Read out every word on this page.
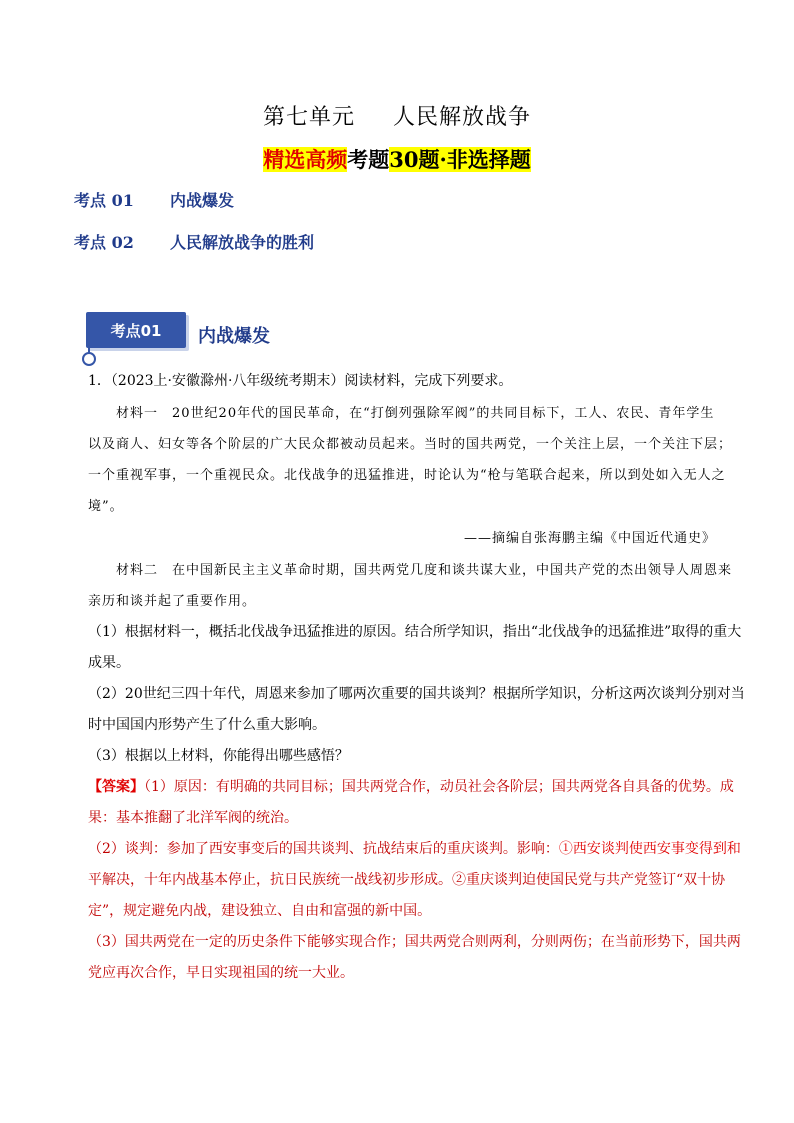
第七单元 人民解放战争
精选高频考题30题·非选择题
考点 01 内战爆发
考点 02 人民解放战争的胜利
考点01	内战爆发
1．（2023上·安徽滁州·八年级统考期末）阅读材料，完成下列要求。
材料一　20世纪20年代的国民革命，在“打倒列强除军阀”的共同目标下，工人、农民、青年学生
以及商人、妇女等各个阶层的广大民众都被动员起来。当时的国共两党，一个关注上层，一个关注下层；
一个重视军事，一个重视民众。北伐战争的迅猛推进，时论认为“枪与笔联合起来，所以到处如入无人之
境”。
——摘编自张海鹏主编《中国近代通史》
材料二　在中国新民主主义革命时期，国共两党几度和谈共谋大业，中国共产党的杰出领导人周恩来
亲历和谈并起了重要作用。
（1）根据材料一，概括北伐战争迅猛推进的原因。结合所学知识，指出“北伐战争的迅猛推进”取得的重大
成果。
（2）20世纪三四十年代，周恩来参加了哪两次重要的国共谈判？根据所学知识，分析这两次谈判分别对当
时中国国内形势产生了什么重大影响。
（3）根据以上材料，你能得出哪些感悟？
【答案】（1）原因：有明确的共同目标；国共两党合作，动员社会各阶层；国共两党各自具备的优势。成
果：基本推翻了北洋军阀的统治。
（2）谈判：参加了西安事变后的国共谈判、抗战结束后的重庆谈判。影响：①西安谈判使西安事变得到和
平解决，十年内战基本停止，抗日民族统一战线初步形成。②重庆谈判迫使国民党与共产党签订“双十协
定”，规定避免内战，建设独立、自由和富强的新中国。
（3）国共两党在一定的历史条件下能够实现合作；国共两党合则两利，分则两伤；在当前形势下，国共两
党应再次合作，早日实现祖国的统一大业。
